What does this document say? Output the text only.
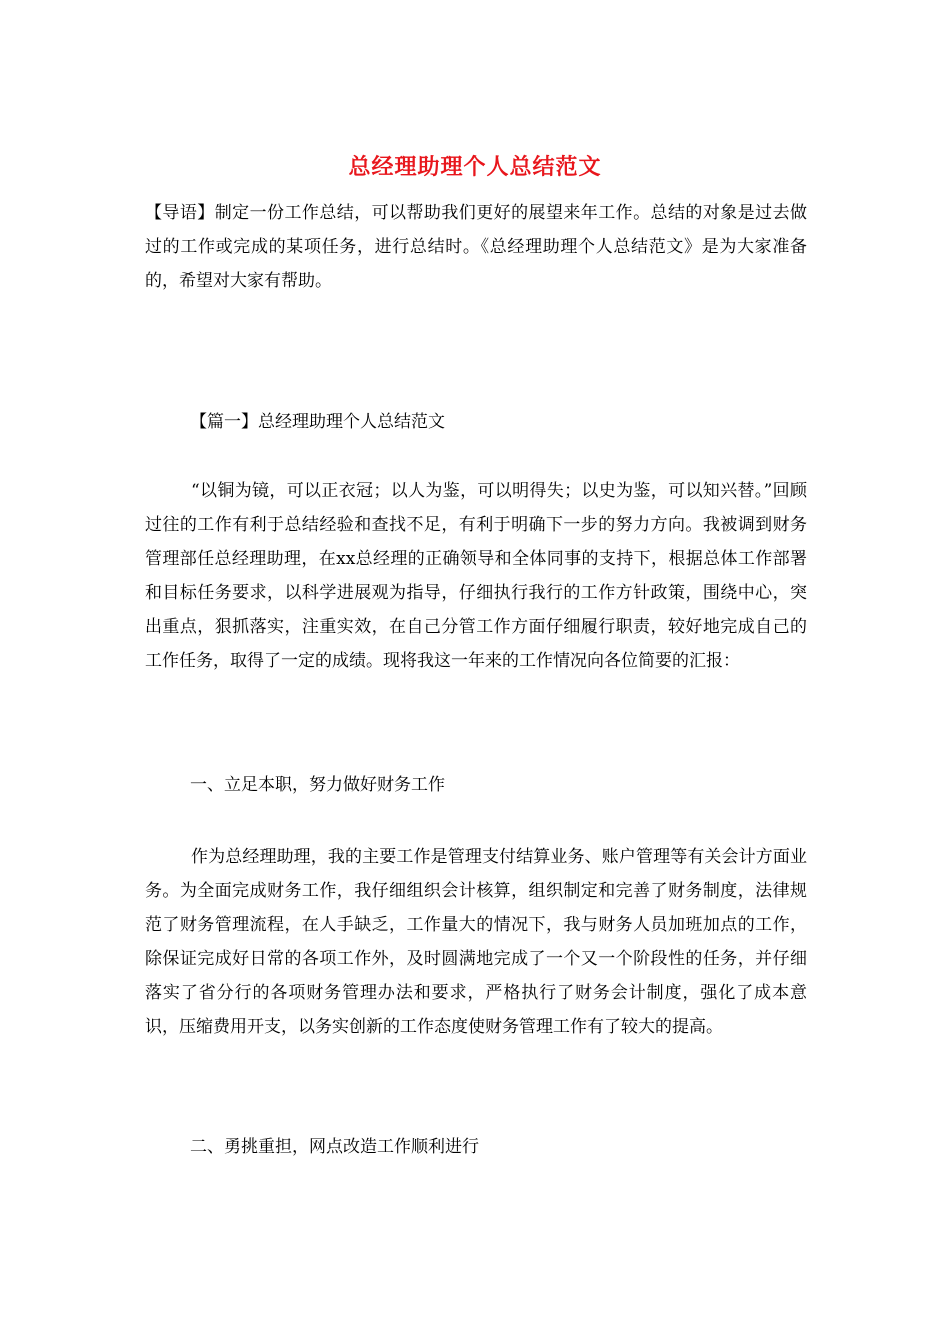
总经理助理个人总结范文
【导语】制定一份工作总结，可以帮助我们更好的展望来年工作。总结的对象是过去做过的工作或完成的某项任务，进行总结时。《总经理助理个人总结范文》是为大家准备的，希望对大家有帮助。
【篇一】总经理助理个人总结范文
“以铜为镜，可以正衣冠；以人为鉴，可以明得失；以史为鉴，可以知兴替。”回顾过往的工作有利于总结经验和查找不足，有利于明确下一步的努力方向。我被调到财务管理部任总经理助理，在xx总经理的正确领导和全体同事的支持下，根据总体工作部署和目标任务要求，以科学进展观为指导，仔细执行我行的工作方针政策，围绕中心，突出重点，狠抓落实，注重实效，在自己分管工作方面仔细履行职责，较好地完成自己的工作任务，取得了一定的成绩。现将我这一年来的工作情况向各位简要的汇报：
一、立足本职，努力做好财务工作
作为总经理助理，我的主要工作是管理支付结算业务、账户管理等有关会计方面业务。为全面完成财务工作，我仔细组织会计核算，组织制定和完善了财务制度，法律规范了财务管理流程，在人手缺乏，工作量大的情况下，我与财务人员加班加点的工作，除保证完成好日常的各项工作外，及时圆满地完成了一个又一个阶段性的任务，并仔细落实了省分行的各项财务管理办法和要求，严格执行了财务会计制度，强化了成本意识，压缩费用开支，以务实创新的工作态度使财务管理工作有了较大的提高。
二、勇挑重担，网点改造工作顺利进行
